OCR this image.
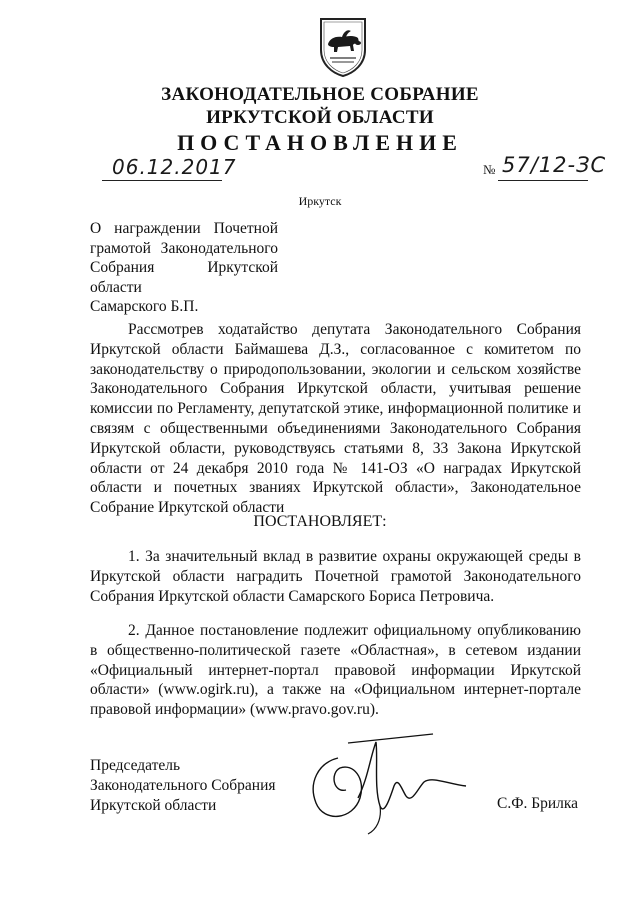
ЗАКОНОДАТЕЛЬНОЕ СОБРАНИЕ
ИРКУТСКОЙ ОБЛАСТИ
ПОСТАНОВЛЕНИЕ
06.12.2017	№ 57/12-ЗС
Иркутск
О награждении Почетной
грамотой Законодательного
Собрания Иркутской области
Самарского Б.П.
Рассмотрев ходатайство депутата Законодательного Собрания Иркутской области Баймашева Д.З., согласованное с комитетом по законодательству о природопользовании, экологии и сельском хозяйстве Законодательного Собрания Иркутской области, учитывая решение комиссии по Регламенту, депутатской этике, информационной политике и связям с общественными объединениями Законодательного Собрания Иркутской области, руководствуясь статьями 8, 33 Закона Иркутской области от 24 декабря 2010 года № 141-ОЗ «О наградах Иркутской области и почетных званиях Иркутской области», Законодательное Собрание Иркутской области
ПОСТАНОВЛЯЕТ:
1. За значительный вклад в развитие охраны окружающей среды в Иркутской области наградить Почетной грамотой Законодательного Собрания Иркутской области Самарского Бориса Петровича.
2. Данное постановление подлежит официальному опубликованию в общественно-политической газете «Областная», в сетевом издании «Официальный интернет-портал правовой информации Иркутской области» (www.ogirk.ru), а также на «Официальном интернет-портале правовой информации» (www.pravo.gov.ru).
Председатель
Законодательного Собрания
Иркутской области	С.Ф. Брилка
